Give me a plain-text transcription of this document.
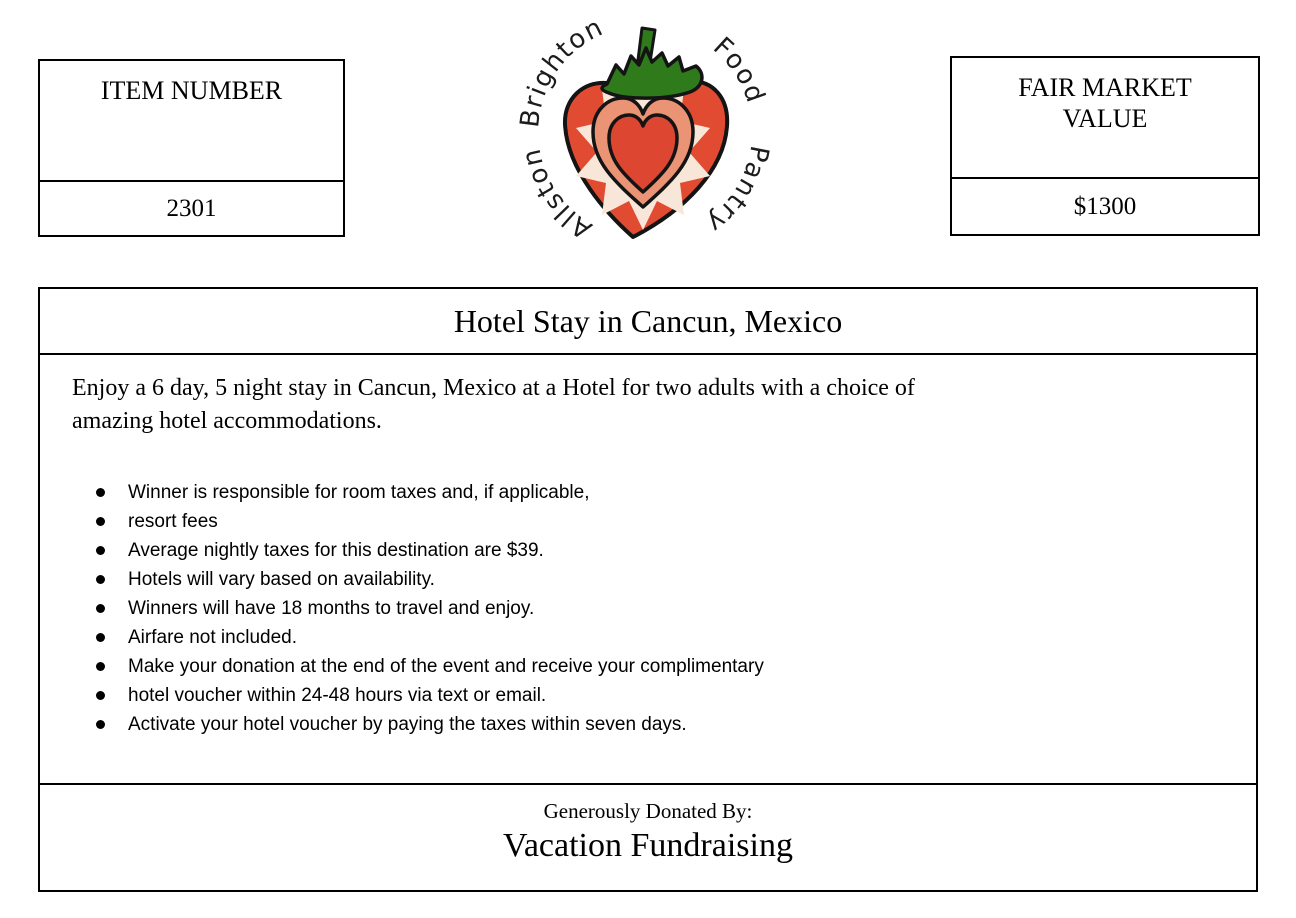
ITEM NUMBER
2301
Allston
Brighton
Food
Pantry
FAIR MARKET VALUE
$1300
Hotel Stay in Cancun, Mexico
Enjoy a 6 day, 5 night stay in Cancun, Mexico at a Hotel for two adults with a choice of
amazing hotel accommodations.
Winner is responsible for room taxes and, if applicable,
resort fees
Average nightly taxes for this destination are $39.
Hotels will vary based on availability.
Winners will have 18 months to travel and enjoy.
Airfare not included.
Make your donation at the end of the event and receive your complimentary
hotel voucher within 24-48 hours via text or email.
Activate your hotel voucher by paying the taxes within seven days.
Generously Donated By:
Vacation Fundraising
